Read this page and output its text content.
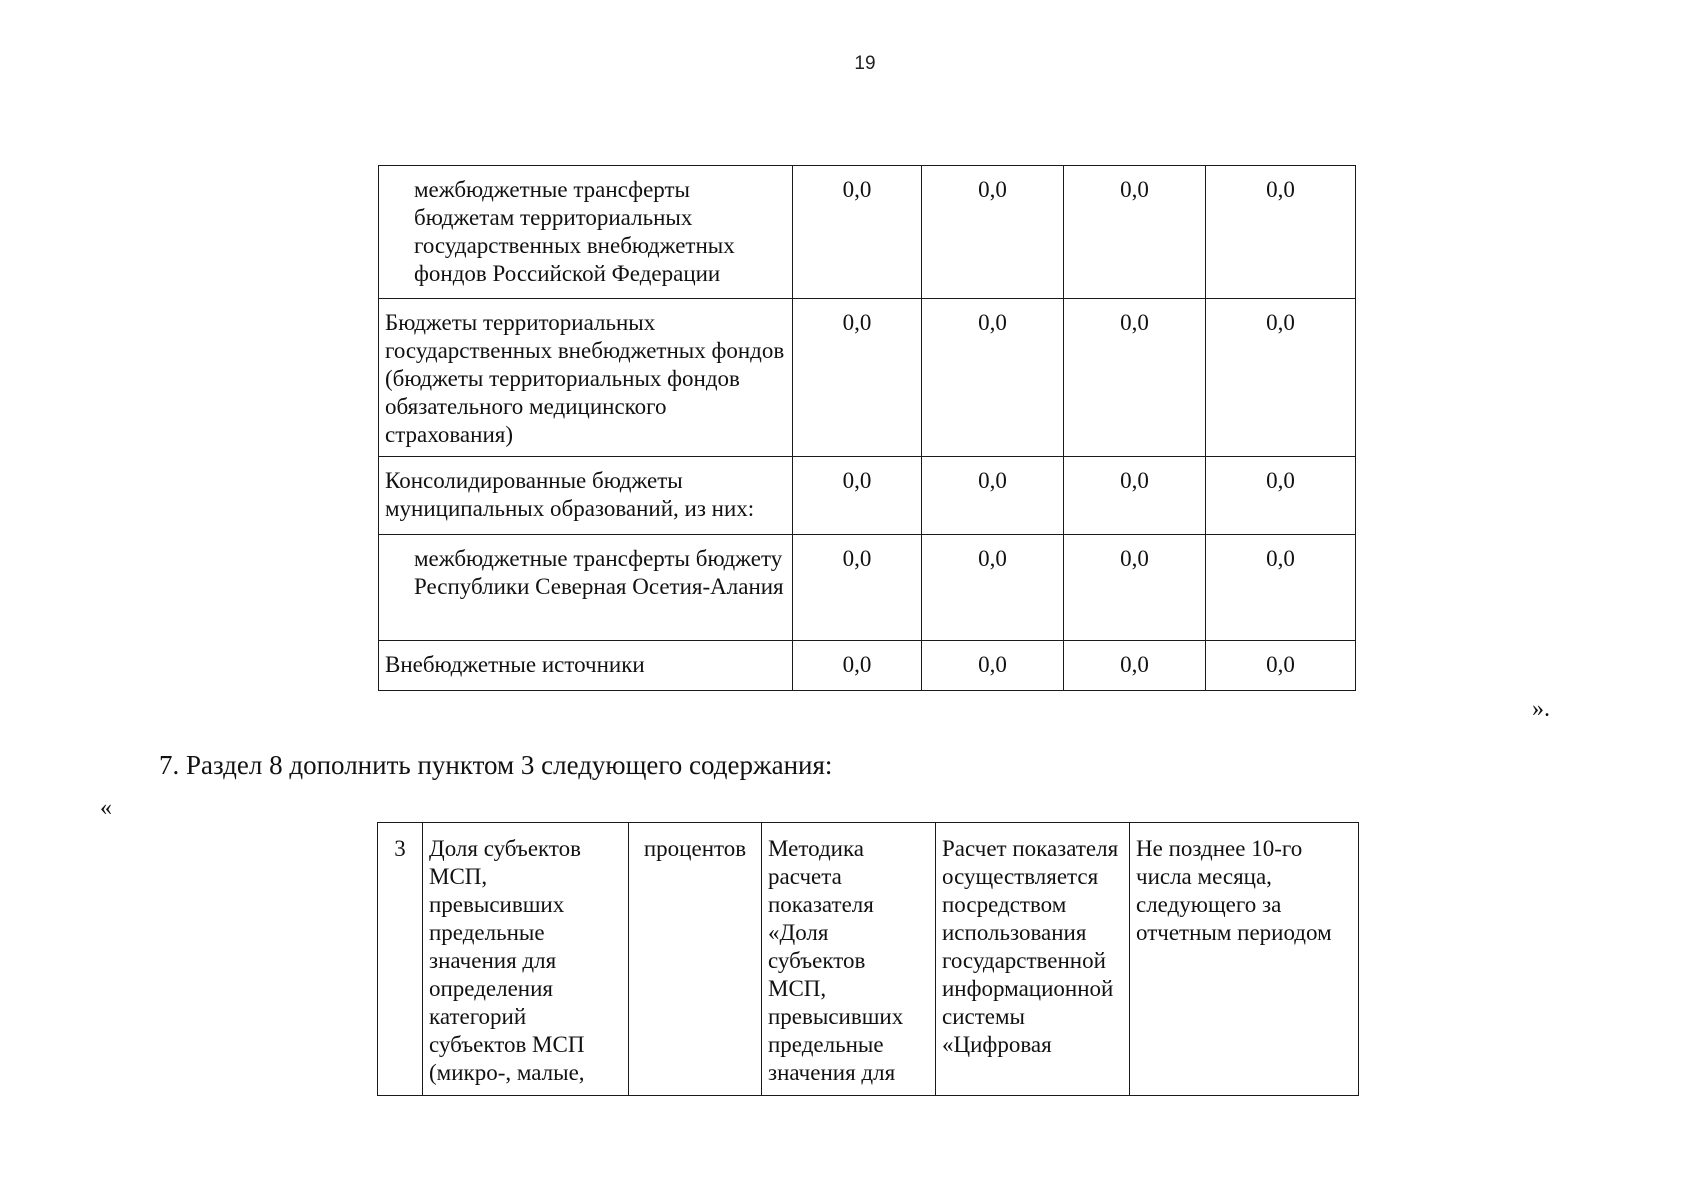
19
межбюджетные трансферты бюджетам территориальных государственных внебюджетных фондов Российской Федерации	0,0	0,0	0,0	0,0
Бюджеты территориальных государственных внебюджетных фондов (бюджеты территориальных фондов обязательного медицинского страхования)	0,0	0,0	0,0	0,0
Консолидированные бюджеты муниципальных образований, из них:	0,0	0,0	0,0	0,0
межбюджетные трансферты бюджету Республики Северная Осетия-Алания	0,0	0,0	0,0	0,0
Внебюджетные источники	0,0	0,0	0,0	0,0
».
7. Раздел 8 дополнить пунктом 3 следующего содержания:
«
3	Доля субъектов МСП, превысивших предельные значения для определения категорий субъектов МСП (микро-, малые,	процентов	Методика расчета показателя «Доля субъектов МСП, превысивших предельные значения для	Расчет показателя осуществляется посредством использования государственной информационной системы «Цифровая	Не позднее 10-го числа месяца, следующего за отчетным периодом
